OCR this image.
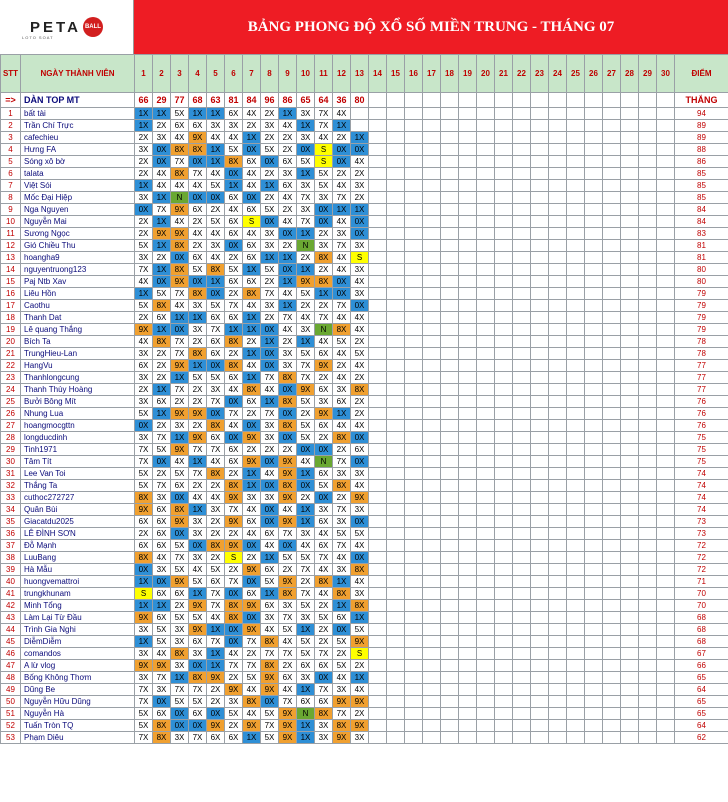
PETA BALL
LOTO SOAT
BẢNG PHONG ĐỘ XỔ SỐ MIỀN TRUNG - THÁNG 07
STT	NGÀY THÀNH VIÊN	1	2	3	4	5	6	7	8	9	10	11	12	13	14	15	16	17	18	19	20	21	22	23	24	25	26	27	28	29	30	ĐIỂM
=>	DÀN TOP MT	66	29	77	68	63	81	84	96	86	65	64	36	80																		THẮNG
1	bất tài	1X	1X	5X	1X	1X	6X	4X	2X	1X	3X	7X	4X																			94
2	Trần Chí Trực	1X	2X	6X	6X	3X	3X	2X	3X	4X	1X	7X	1X																			89
3	cafechieu	2X	3X	4X	9X	4X	4X	1X	2X	2X	3X	4X	2X	1X																		89
4	Hưng FA	3X	0X	8X	8X	1X	5X	0X	5X	2X	0X	S	0X	0X																		88
5	Sóng xô bờ	2X	0X	7X	0X	1X	8X	6X	0X	6X	5X	S	0X	4X																		86
6	talata	2X	4X	8X	7X	4X	0X	4X	2X	3X	1X	5X	2X	2X																		85
7	Việt Sói	1X	4X	4X	4X	5X	1X	4X	1X	6X	3X	5X	4X	3X																		85
8	Mốc Đại Hiệp	3X	1X	N	0X	0X	6X	0X	2X	4X	7X	3X	7X	2X																		85
9	Nga Nguyen	0X	7X	9X	6X	2X	4X	6X	5X	2X	3X	0X	1X	1X																		84
10	Nguyễn Mai	2X	1X	4X	2X	5X	6X	S	0X	4X	7X	0X	4X	0X																		84
11	Sương Ngọc	2X	9X	9X	4X	4X	6X	4X	3X	0X	1X	2X	3X	0X																		83
12	Gió Chiều Thu	5X	1X	8X	2X	3X	0X	6X	3X	2X	N	3X	7X	3X																		81
13	hoangha9	3X	2X	0X	6X	4X	2X	6X	1X	1X	2X	8X	4X	S																		81
14	nguyentruong123	7X	1X	8X	5X	8X	5X	1X	5X	0X	1X	2X	4X	3X																		80
15	Paj Ntb Xav	4X	0X	9X	0X	1X	6X	6X	2X	1X	9X	8X	0X	4X																		80
16	Liêu Hồn	1X	5X	7X	8X	0X	2X	8X	7X	4X	5X	1X	0X	3X																		79
17	Caothu	5X	8X	4X	3X	5X	7X	4X	3X	1X	2X	2X	7X	0X																		79
18	Thanh Dat	2X	6X	1X	1X	6X	6X	1X	2X	7X	4X	7X	4X	4X																		79
19	Lê quang Thắng	9X	1X	0X	3X	7X	1X	1X	0X	4X	3X	N	8X	4X																		79
20	Bích Ta	4X	8X	7X	2X	6X	8X	2X	1X	2X	1X	4X	5X	2X																		78
21	TrungHieu-Lan	3X	2X	7X	8X	6X	2X	1X	0X	3X	5X	6X	4X	5X																		78
22	HangVu	6X	2X	9X	1X	0X	8X	4X	0X	3X	7X	9X	2X	4X																		77
23	Thanhlongcung	3X	2X	1X	5X	5X	6X	1X	7X	8X	7X	2X	4X	2X																		77
24	Thanh Thùy Hoàng	2X	1X	7X	2X	3X	4X	8X	4X	0X	9X	6X	3X	8X																		77
25	Bưởi Bông Mít	3X	6X	2X	2X	7X	0X	6X	1X	8X	5X	3X	6X	2X																		76
26	Nhung Lua	5X	1X	9X	9X	0X	7X	2X	7X	0X	2X	9X	1X	2X																		76
27	hoangmocgttn	0X	2X	3X	2X	8X	4X	0X	3X	8X	5X	6X	4X	4X																		76
28	longducdinh	3X	7X	1X	9X	6X	0X	9X	3X	0X	5X	2X	8X	0X																		75
29	Tinh1971	7X	5X	9X	7X	7X	6X	2X	2X	2X	0X	0X	2X	6X																		75
30	Tâm Tít	7X	0X	4X	1X	4X	6X	9X	0X	9X	4X	N	7X	0X																		75
31	Lee Van Toi	5X	2X	5X	7X	8X	2X	1X	4X	9X	1X	6X	3X	3X																		74
32	Thắng Ta	5X	7X	6X	2X	2X	8X	1X	0X	8X	0X	5X	8X	4X																		74
33	cuthoc272727	8X	3X	0X	4X	4X	9X	3X	3X	9X	2X	0X	2X	9X																		74
34	Quân Bùi	9X	6X	8X	1X	3X	7X	4X	0X	4X	1X	3X	7X	3X																		74
35	Giacatdu2025	6X	6X	9X	3X	2X	9X	6X	0X	9X	1X	6X	3X	0X																		73
36	LÊ ĐÌNH SƠN	2X	6X	0X	3X	2X	2X	4X	6X	7X	3X	4X	5X	5X																		73
37	Đỗ Mạnh	6X	6X	5X	0X	8X	9X	0X	4X	0X	4X	6X	7X	4X																		72
38	LuuBang	8X	4X	7X	3X	2X	S	2X	1X	5X	5X	7X	4X	0X																		72
39	Hà Mẫu	0X	3X	5X	4X	5X	2X	9X	6X	2X	7X	4X	3X	8X																		72
40	huongvemattroi	1X	0X	9X	5X	6X	7X	0X	5X	9X	2X	8X	1X	4X																		71
41	trungkhunam	S	6X	6X	1X	7X	0X	6X	1X	8X	7X	4X	8X	3X																		70
42	Minh Tổng	1X	1X	2X	9X	7X	8X	9X	6X	3X	5X	2X	1X	8X																		70
43	Làm Lại Từ Đầu	9X	6X	5X	5X	4X	8X	0X	3X	7X	3X	5X	6X	1X																		68
44	Trình Gia Nghi	3X	5X	3X	9X	1X	0X	9X	4X	5X	1X	2X	0X	5X																		68
45	DiễmDiễm	1X	5X	3X	6X	7X	0X	7X	8X	4X	5X	2X	5X	9X																		68
46	comandos	3X	4X	8X	3X	1X	4X	2X	7X	7X	5X	7X	2X	S																		67
47	A lừ vlog	9X	9X	3X	0X	1X	7X	7X	8X	2X	6X	6X	5X	2X																		66
48	Bống Không Thơm	3X	7X	1X	8X	9X	2X	5X	9X	6X	3X	0X	4X	1X																		65
49	Dũng Be	7X	3X	7X	7X	2X	9X	4X	9X	4X	1X	7X	3X	4X																		64
50	Nguyễn Hữu Dũng	7X	0X	5X	5X	2X	3X	8X	0X	7X	6X	6X	9X	9X																		65
51	Nguyễn Hà	5X	6X	0X	6X	0X	5X	4X	5X	9X	N	8X	7X	2X																		65
52	Tuấn Tròn TQ	5X	8X	0X	0X	9X	2X	9X	7X	9X	1X	3X	8X	9X																		64
53	Phạm Diêu	7X	8X	3X	7X	6X	6X	1X	5X	9X	1X	3X	9X	3X																		62
